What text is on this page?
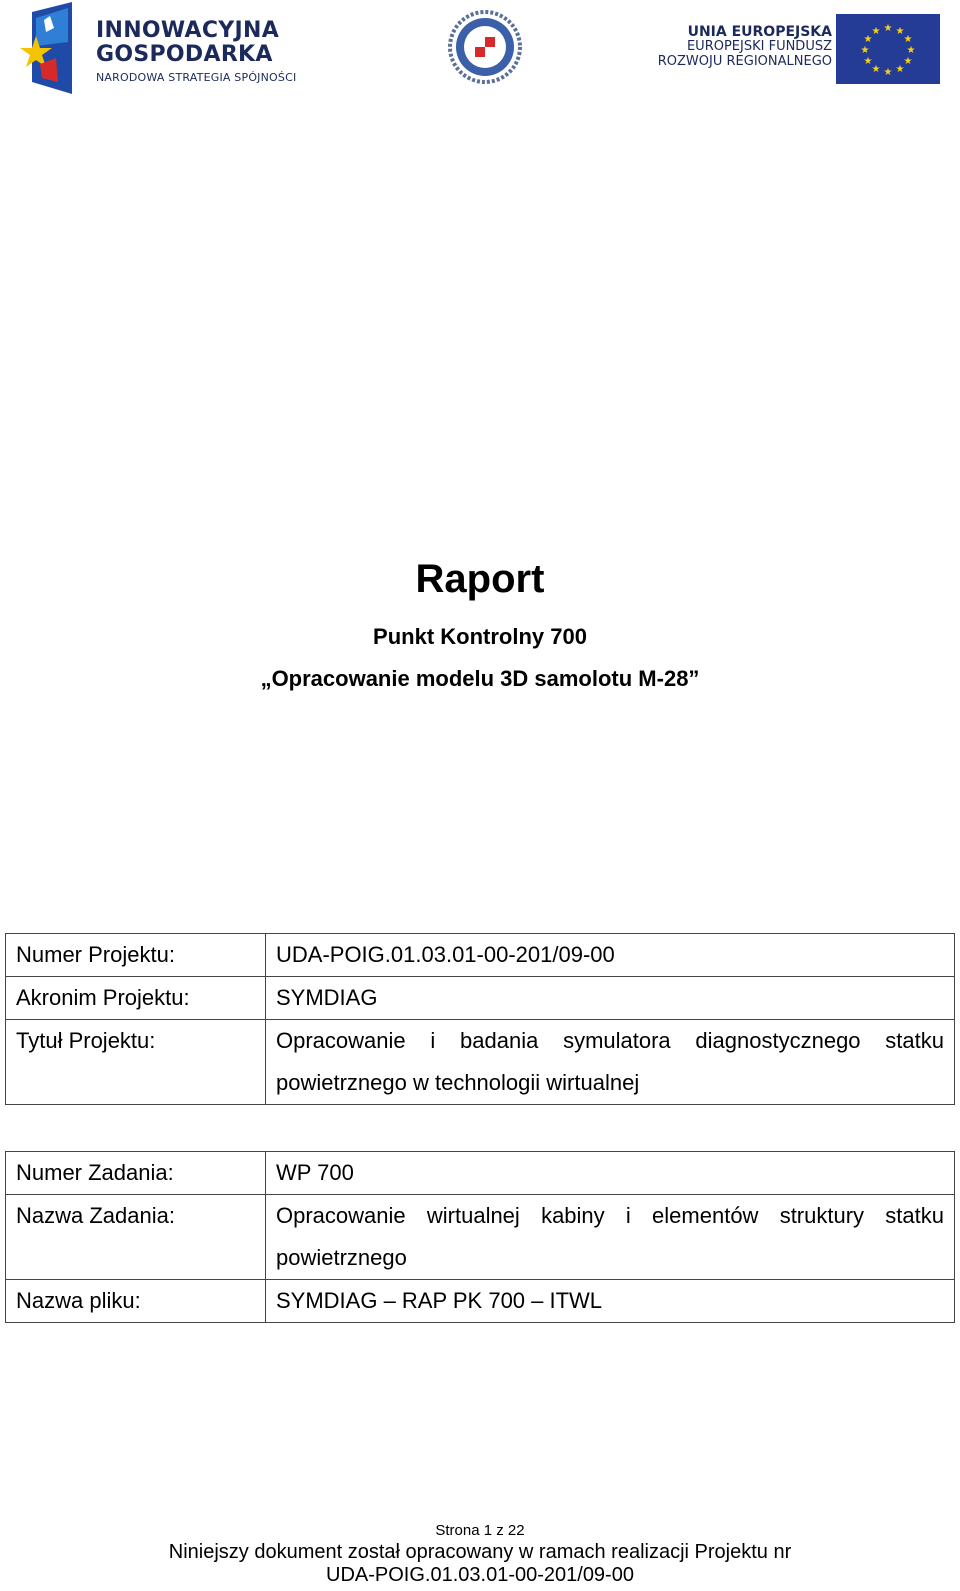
INNOWACYJNA
GOSPODARKA
NARODOWA STRATEGIA SPÓJNOŚCI
UNIA EUROPEJSKA
EUROPEJSKI FUNDUSZ
ROZWOJU REGIONALNEGO
★ ★
★
★
★
★
★
★
★
★
★
★
Raport
Punkt Kontrolny 700
„Opracowanie modelu 3D samolotu M-28”
Numer Projektu:	UDA-POIG.01.03.01-00-201/09-00
Akronim Projektu:	SYMDIAG
Tytuł Projektu:	Opracowanie i badania symulatora diagnostycznego statku powietrznego w technologii wirtualnej
Numer Zadania:	WP 700
Nazwa Zadania:	Opracowanie wirtualnej kabiny i elementów struktury statku powietrznego
Nazwa pliku:	SYMDIAG – RAP PK 700 – ITWL
Strona 1 z 22
Niniejszy dokument został opracowany w ramach realizacji Projektu nr
UDA-POIG.01.03.01-00-201/09-00
